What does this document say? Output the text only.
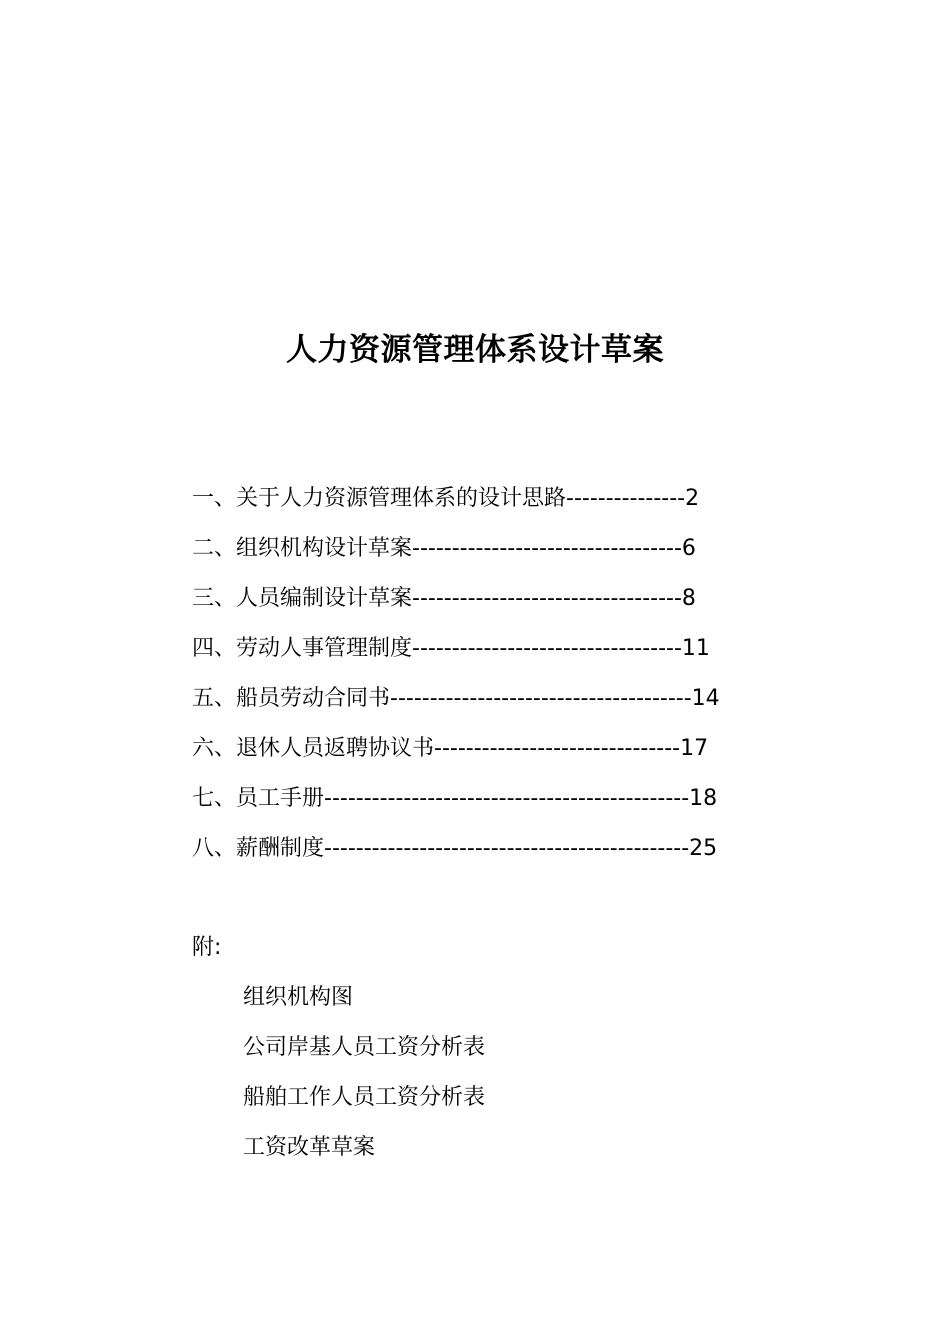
人力资源管理体系设计草案
一、关于人力资源管理体系的设计思路---------------2
二、组织机构设计草案----------------------------------6
三、人员编制设计草案----------------------------------8
四、劳动人事管理制度----------------------------------11
五、船员劳动合同书--------------------------------------14
六、退休人员返聘协议书-------------------------------17
七、员工手册----------------------------------------------18
八、薪酬制度----------------------------------------------25
附:
组织机构图
公司岸基人员工资分析表
船舶工作人员工资分析表
工资改革草案
